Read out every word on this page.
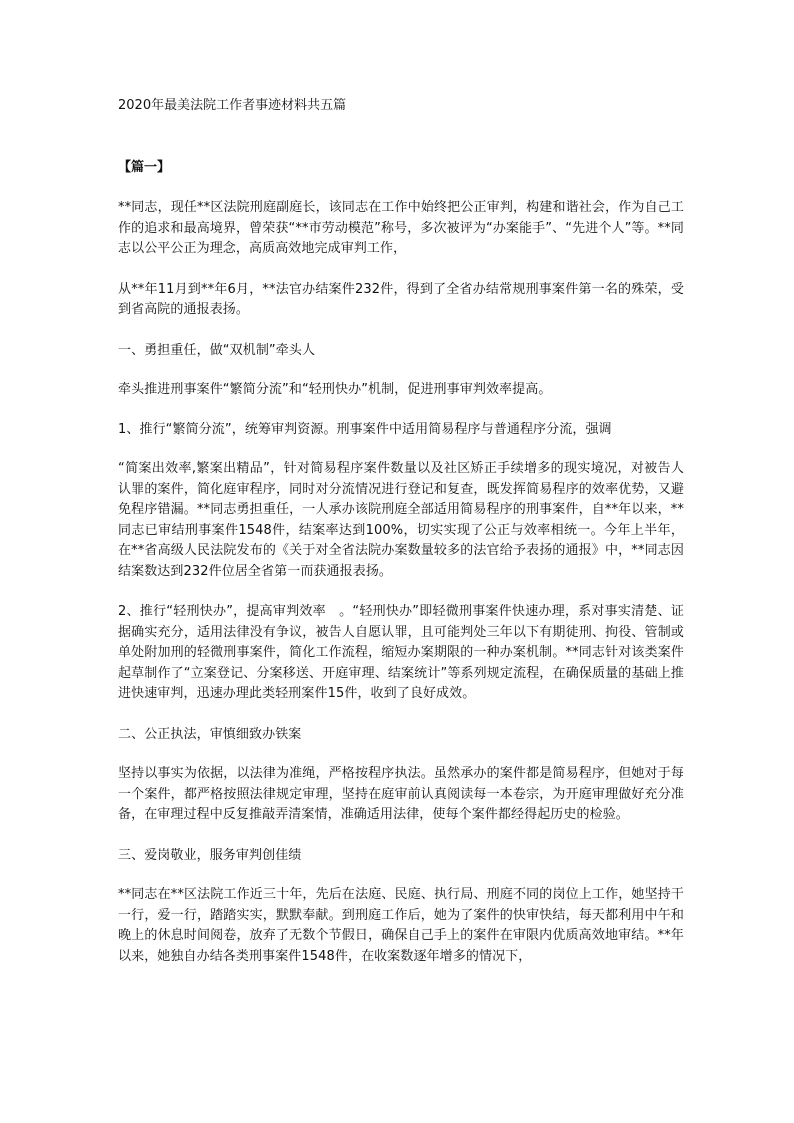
2020年最美法院工作者事迹材料共五篇
【篇一】

**同志，现任**区法院刑庭副庭长，该同志在工作中始终把公正审判，构建和谐社会，作为自己工作的追求和最高境界，曾荣获“**市劳动模范”称号，多次被评为“办案能手”、“先进个人”等。**同志以公平公正为理念，高质高效地完成审判工作，

从**年11月到**年6月，**法官办结案件232件，得到了全省办结常规刑事案件第一名的殊荣，受到省高院的通报表扬。

一、勇担重任，做“双机制”牵头人

牵头推进刑事案件“繁简分流”和“轻刑快办”机制，促进刑事审判效率提高。

1、推行“繁简分流”，统筹审判资源。刑事案件中适用简易程序与普通程序分流，强调

“简案出效率,繁案出精品”，针对简易程序案件数量以及社区矫正手续增多的现实境况，对被告人认罪的案件，简化庭审程序，同时对分流情况进行登记和复查，既发挥简易程序的效率优势，又避免程序错漏。**同志勇担重任，一人承办该院刑庭全部适用简易程序的刑事案件，自**年以来，**同志已审结刑事案件1548件，结案率达到100%，切实实现了公正与效率相统一。今年上半年，在**省高级人民法院发布的《关于对全省法院办案数量较多的法官给予表扬的通报》中，**同志因结案数达到232件位居全省第一而获通报表扬。

2、推行“轻刑快办”，提高审判效率　。“轻刑快办”即轻微刑事案件快速办理，系对事实清楚、证据确实充分，适用法律没有争议，被告人自愿认罪，且可能判处三年以下有期徒刑、拘役、管制或单处附加刑的轻微刑事案件，简化工作流程，缩短办案期限的一种办案机制。**同志针对该类案件起草制作了“立案登记、分案移送、开庭审理、结案统计”等系列规定流程，在确保质量的基础上推进快速审判，迅速办理此类轻刑案件15件，收到了良好成效。

二、公正执法，审慎细致办铁案

坚持以事实为依据，以法律为准绳，严格按程序执法。虽然承办的案件都是简易程序，但她对于每一个案件，都严格按照法律规定审理，坚持在庭审前认真阅读每一本卷宗，为开庭审理做好充分准备，在审理过程中反复推敲弄清案情，准确适用法律，使每个案件都经得起历史的检验。

三、爱岗敬业，服务审判创佳绩

**同志在**区法院工作近三十年，先后在法庭、民庭、执行局、刑庭不同的岗位上工作，她坚持干一行，爱一行，踏踏实实，默默奉献。到刑庭工作后，她为了案件的快审快结，每天都利用中午和晚上的休息时间阅卷，放弃了无数个节假日，确保自己手上的案件在审限内优质高效地审结。**年以来，她独自办结各类刑事案件1548件，在收案数逐年增多的情况下，
